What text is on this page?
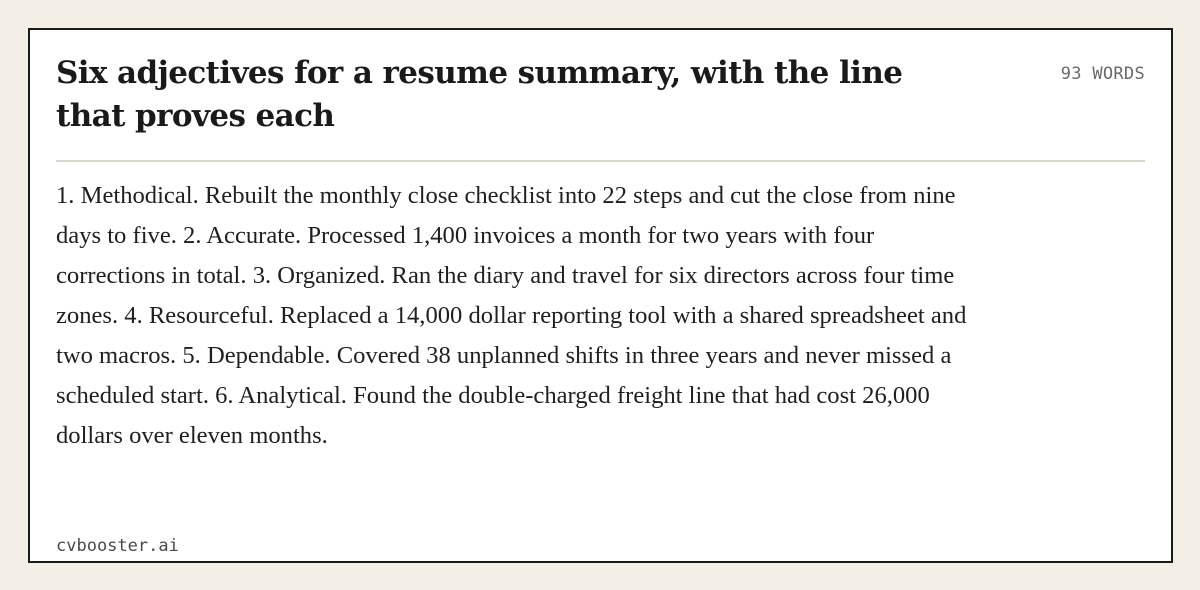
Six adjectives for a resume summary, with the line that proves each
93 WORDS

1. Methodical. Rebuilt the monthly close checklist into 22 steps and cut the close from nine days to five. 2. Accurate. Processed 1,400 invoices a month for two years with four corrections in total. 3. Organized. Ran the diary and travel for six directors across four time zones. 4. Resourceful. Replaced a 14,000 dollar reporting tool with a shared spreadsheet and two macros. 5. Dependable. Covered 38 unplanned shifts in three years and never missed a scheduled start. 6. Analytical. Found the double-charged freight line that had cost 26,000 dollars over eleven months.

cvbooster.ai
